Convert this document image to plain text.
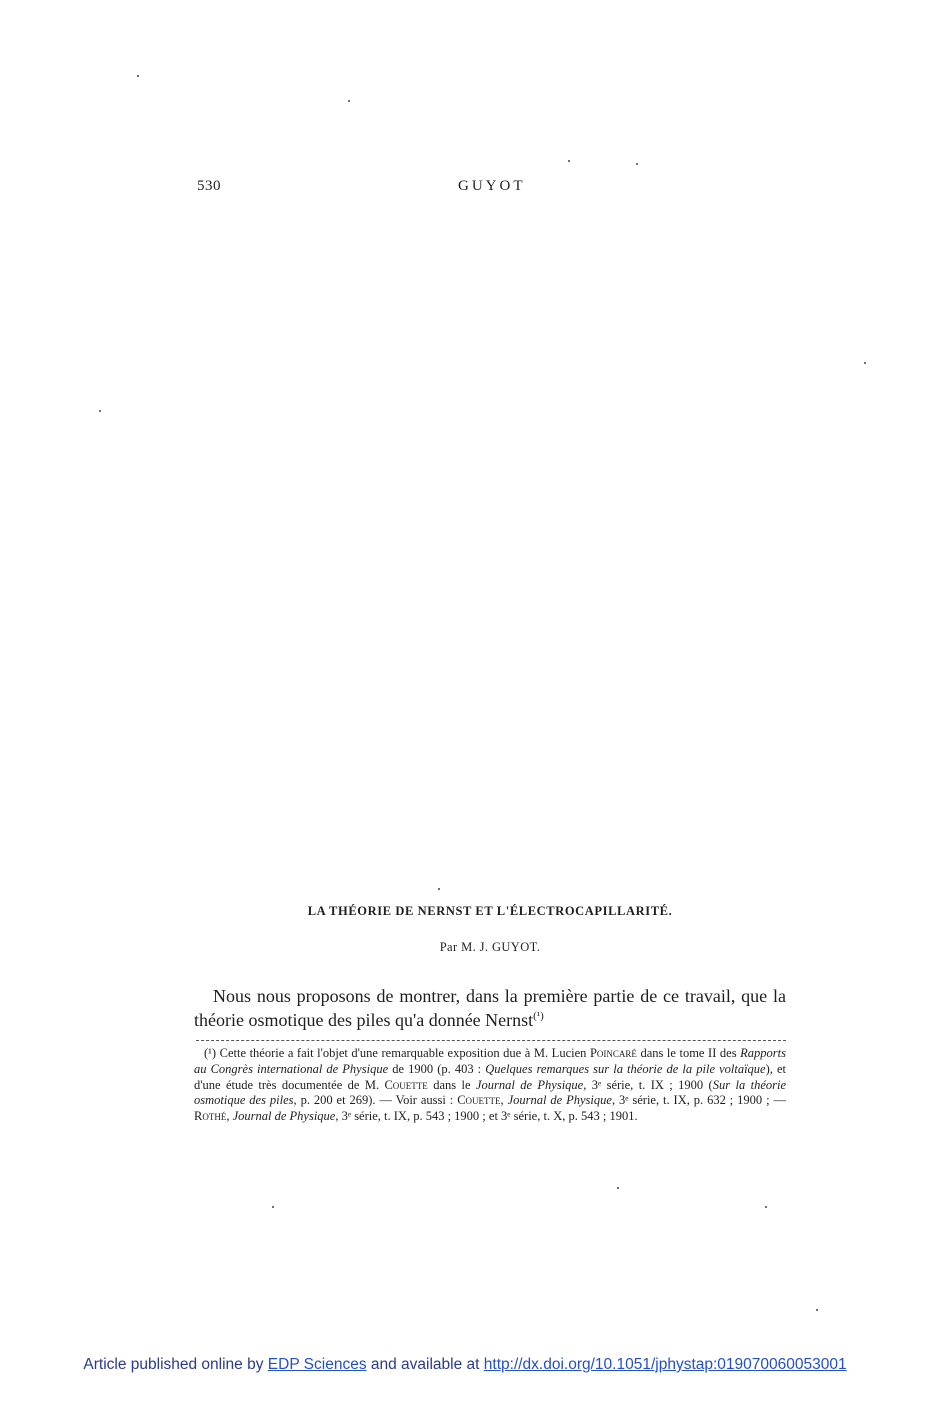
530	GUYOT
LA THÉORIE DE NERNST ET L'ÉLECTROCAPILLARITÉ.
Par M. J. GUYOT.

Nous nous proposons de montrer, dans la première partie de ce travail, que la théorie osmotique des piles qu'a donnée Nernst$^{(^1)}$

(¹) Cette théorie a fait l'objet d'une remarquable exposition due à M. Lucien Poincaré dans le tome II des Rapports au Congrès international de Physique de 1900 (p. 403 : Quelques remarques sur la théorie de la pile voltaïque), et d'une étude très documentée de M. Couette dans le Journal de Physique, 3ᵉ série, t. IX ; 1900 (Sur la théorie osmotique des piles, p. 200 et 269). — Voir aussi : Couette, Journal de Physique, 3ᵉ série, t. IX, p. 632 ; 1900 ; — Rothé, Journal de Physique, 3ᵉ série, t. IX, p. 543 ; 1900 ; et 3ᵉ série, t. X, p. 543 ; 1901.

Article published online by EDP Sciences and available at http://dx.doi.org/10.1051/jphystap:019070060053001
